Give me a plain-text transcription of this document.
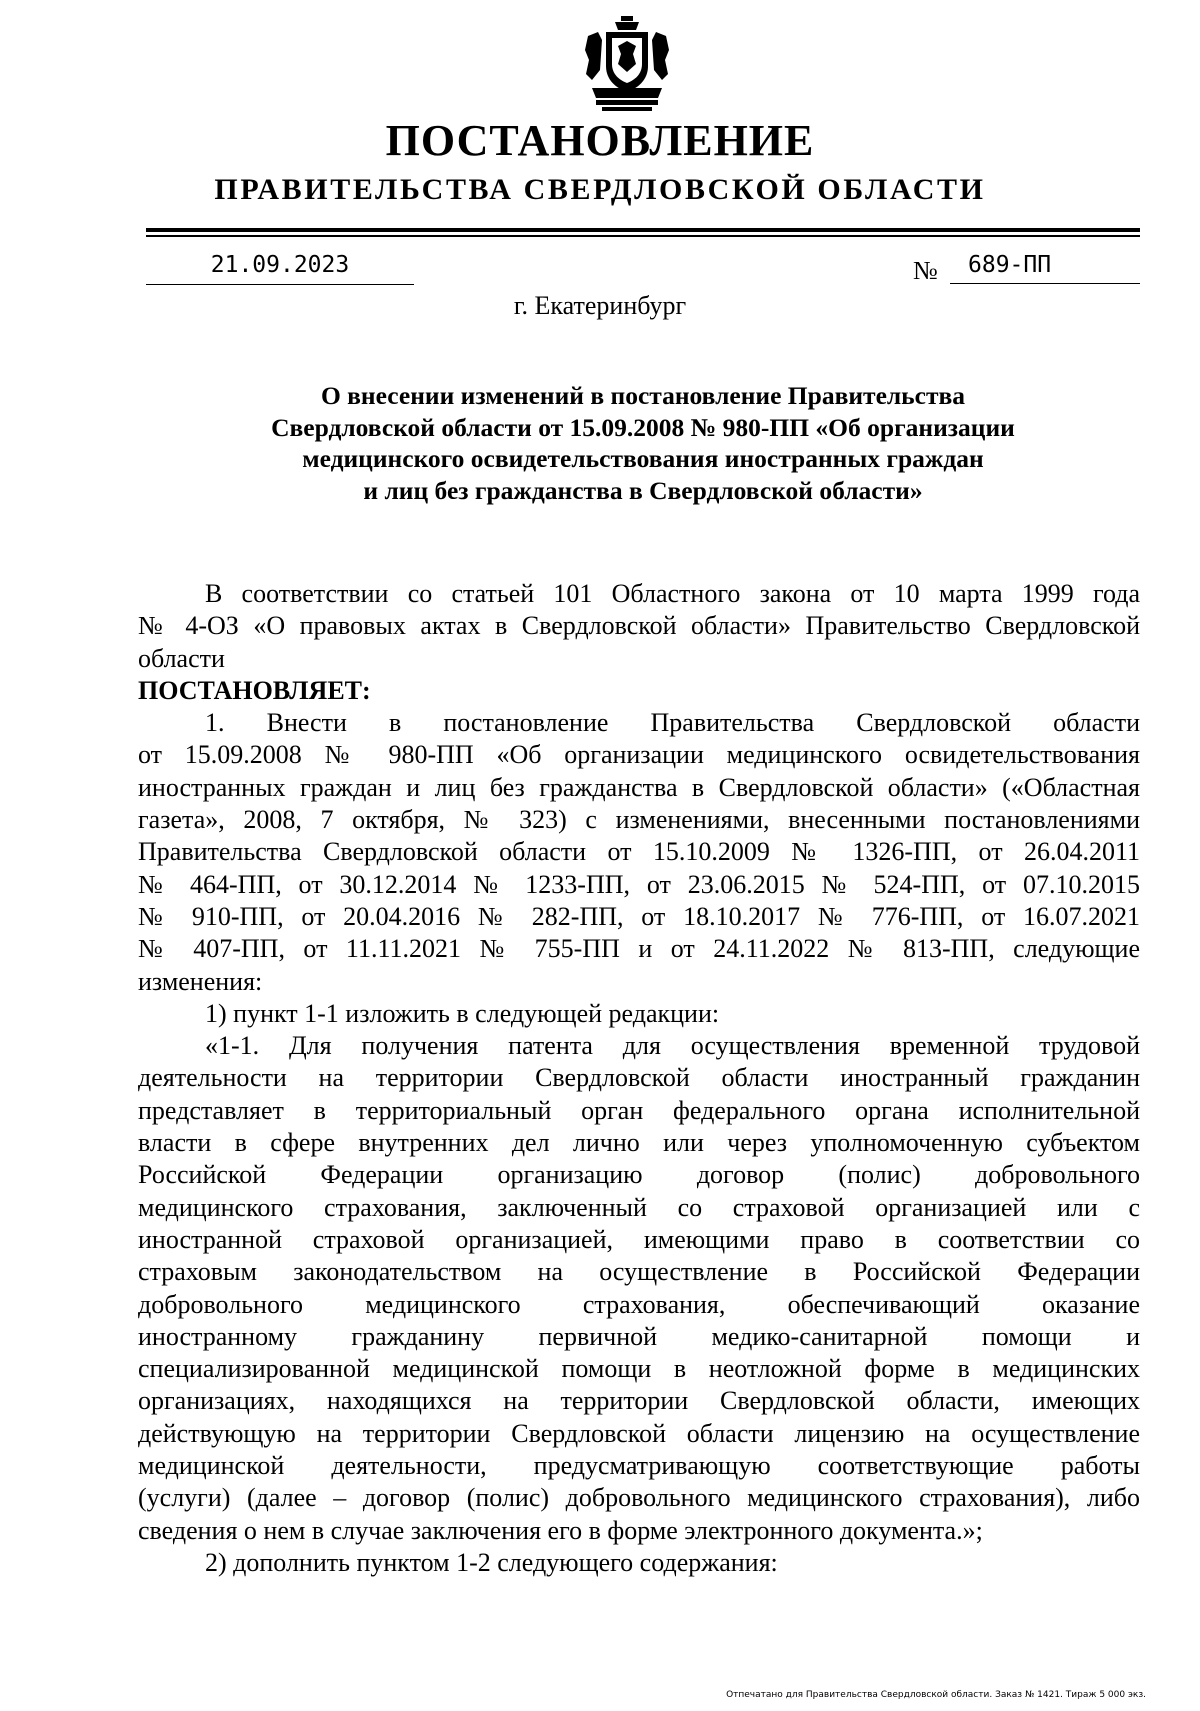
ПОСТАНОВЛЕНИЕ
ПРАВИТЕЛЬСТВА СВЕРДЛОВСКОЙ ОБЛАСТИ
21.09.2023	№	689-ПП
г. Екатеринбург
О внесении изменений в постановление Правительства
Свердловской области от 15.09.2008 № 980-ПП «Об организации
медицинского освидетельствования иностранных граждан
и лиц без гражданства в Свердловской области»
В соответствии со статьей 101 Областного закона от 10 марта 1999 года
№ 4-ОЗ «О правовых актах в Свердловской области» Правительство Свердловской
области
ПОСТАНОВЛЯЕТ:
1. Внести в постановление Правительства Свердловской области
от 15.09.2008 № 980-ПП «Об организации медицинского освидетельствования
иностранных граждан и лиц без гражданства в Свердловской области» («Областная
газета», 2008, 7 октября, № 323) с изменениями, внесенными постановлениями
Правительства Свердловской области от 15.10.2009 № 1326-ПП, от 26.04.2011
№ 464-ПП, от 30.12.2014 № 1233-ПП, от 23.06.2015 № 524-ПП, от 07.10.2015
№ 910-ПП, от 20.04.2016 № 282-ПП, от 18.10.2017 № 776-ПП, от 16.07.2021
№ 407-ПП, от 11.11.2021 № 755-ПП и от 24.11.2022 № 813-ПП, следующие
изменения:
1) пункт 1-1 изложить в следующей редакции:
«1-1. Для получения патента для осуществления временной трудовой
деятельности на территории Свердловской области иностранный гражданин
представляет в территориальный орган федерального органа исполнительной
власти в сфере внутренних дел лично или через уполномоченную субъектом
Российской Федерации организацию договор (полис) добровольного
медицинского страхования, заключенный со страховой организацией или с
иностранной страховой организацией, имеющими право в соответствии со
страховым законодательством на осуществление в Российской Федерации
добровольного медицинского страхования, обеспечивающий оказание
иностранному гражданину первичной медико-санитарной помощи и
специализированной медицинской помощи в неотложной форме в медицинских
организациях, находящихся на территории Свердловской области, имеющих
действующую на территории Свердловской области лицензию на осуществление
медицинской деятельности, предусматривающую соответствующие работы
(услуги) (далее – договор (полис) добровольного медицинского страхования), либо
сведения о нем в случае заключения его в форме электронного документа.»;
2) дополнить пунктом 1-2 следующего содержания:
Отпечатано для Правительства Свердловской области. Заказ № 1421. Тираж 5 000 экз.
